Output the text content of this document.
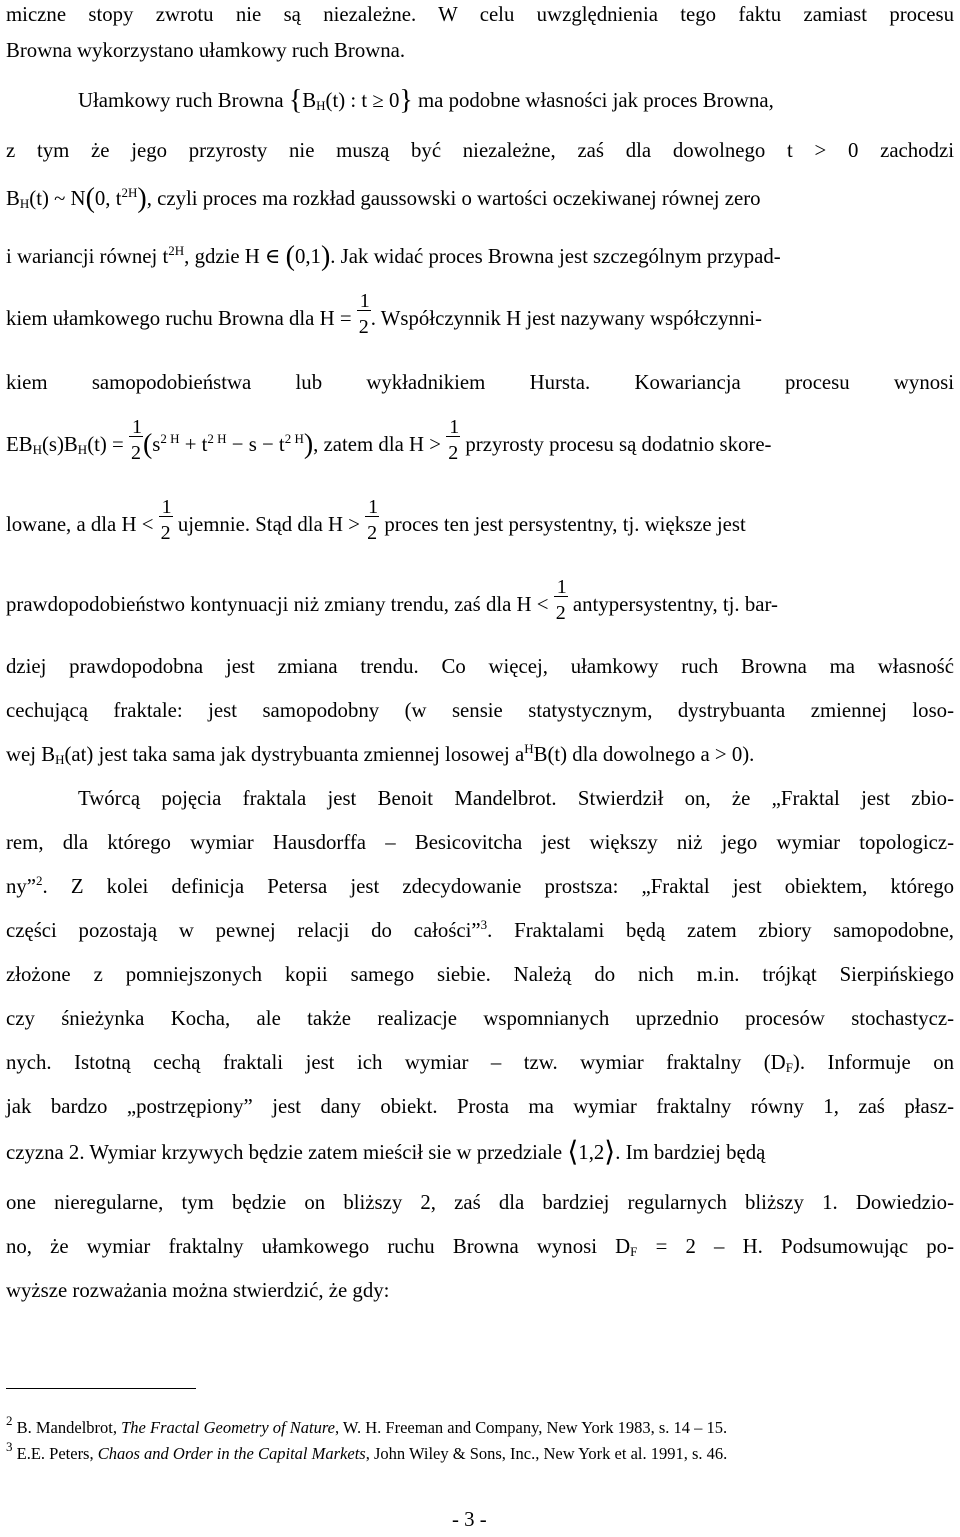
miczne stopy zwrotu nie są niezależne. W celu uwzględnienia tego faktu zamiast procesu
Browna wykorzystano ułamkowy ruch Browna.
Ułamkowy ruch Browna {$B_H(t)$ : t ≥ 0} ma podobne własności jak proces Browna,
z tym że jego przyrosty nie muszą być niezależne, zaś dla dowolnego t > 0 zachodzi
$B_H(t)$ ~ N(0, $t^{2H}$), czyli proces ma rozkład gaussowski o wartości oczekiwanej równej zero
i wariancji równej $t^{2H}$, gdzie H ∈ (0,1). Jak widać proces Browna jest szczególnym przypad-
kiem ułamkowego ruchu Browna dla $H = \frac{1}{2}$ . Współczynnik H jest nazywany współczynni-
kiem samopodobieństwa lub wykładnikiem Hursta. Kowariancja procesu wynosi
$EB_H(s)B_H(t) = \frac{1}{2} (s^{2 H} + t^{2 H} - s - t^{2 H})$, zatem dla $H > \frac{1}{2}$ przyrosty procesu są dodatnio skore-
lowane, a dla $H < \frac{1}{2}$ ujemnie. Stąd dla $H > \frac{1}{2}$ proces ten jest persystentny, tj. większe jest
prawdopodobieństwo kontynuacji niż zmiany trendu, zaś dla $H < \frac{1}{2}$ antypersystentny, tj. bar-
dziej prawdopodobna jest zmiana trendu. Co więcej, ułamkowy ruch Browna ma własność
cechującą fraktale: jest samopodobny (w sensie statystycznym, dystrybuanta zmiennej loso-
wej $B_H(at)$ jest taka sama jak dystrybuanta zmiennej losowej $a^HB(t)$ dla dowolnego a > 0).
Twórcą pojęcia fraktala jest Benoit Mandelbrot. Stwierdził on, że „Fraktal jest zbio-
rem, dla którego wymiar Hausdorffa – Besicovitcha jest większy niż jego wymiar topologicz-
ny”$^2$. Z kolei definicja Petersa jest zdecydowanie prostsza: „Fraktal jest obiektem, którego
części pozostają w pewnej relacji do całości”$^3$. Fraktalami będą zatem zbiory samopodobne,
złożone z pomniejszonych kopii samego siebie. Należą do nich m.in. trójkąt Sierpińskiego
czy śnieżynka Kocha, ale także realizacje wspomnianych uprzednio procesów stochastycz-
nych. Istotną cechą fraktali jest ich wymiar – tzw. wymiar fraktalny $(D_F)$. Informuje on
jak bardzo „postrzępiony” jest dany obiekt. Prosta ma wymiar fraktalny równy 1, zaś płasz-
czyzna 2. Wymiar krzywych będzie zatem mieścił sie w przedziale ⟨1,2⟩. Im bardziej będą
one nieregularne, tym będzie on bliższy 2, zaś dla bardziej regularnych bliższy 1. Dowiedzio-
no, że wymiar fraktalny ułamkowego ruchu Browna wynosi $D_F = 2 - H$. Podsumowując po-
wyższe rozważania można stwierdzić, że gdy:
$^2$ B. Mandelbrot, The Fractal Geometry of Nature, W. H. Freeman and Company, New York 1983, s. 14 – 15.
$^3$ E.E. Peters, Chaos and Order in the Capital Markets, John Wiley & Sons, Inc., New York et al. 1991, s. 46.
- 3 -
